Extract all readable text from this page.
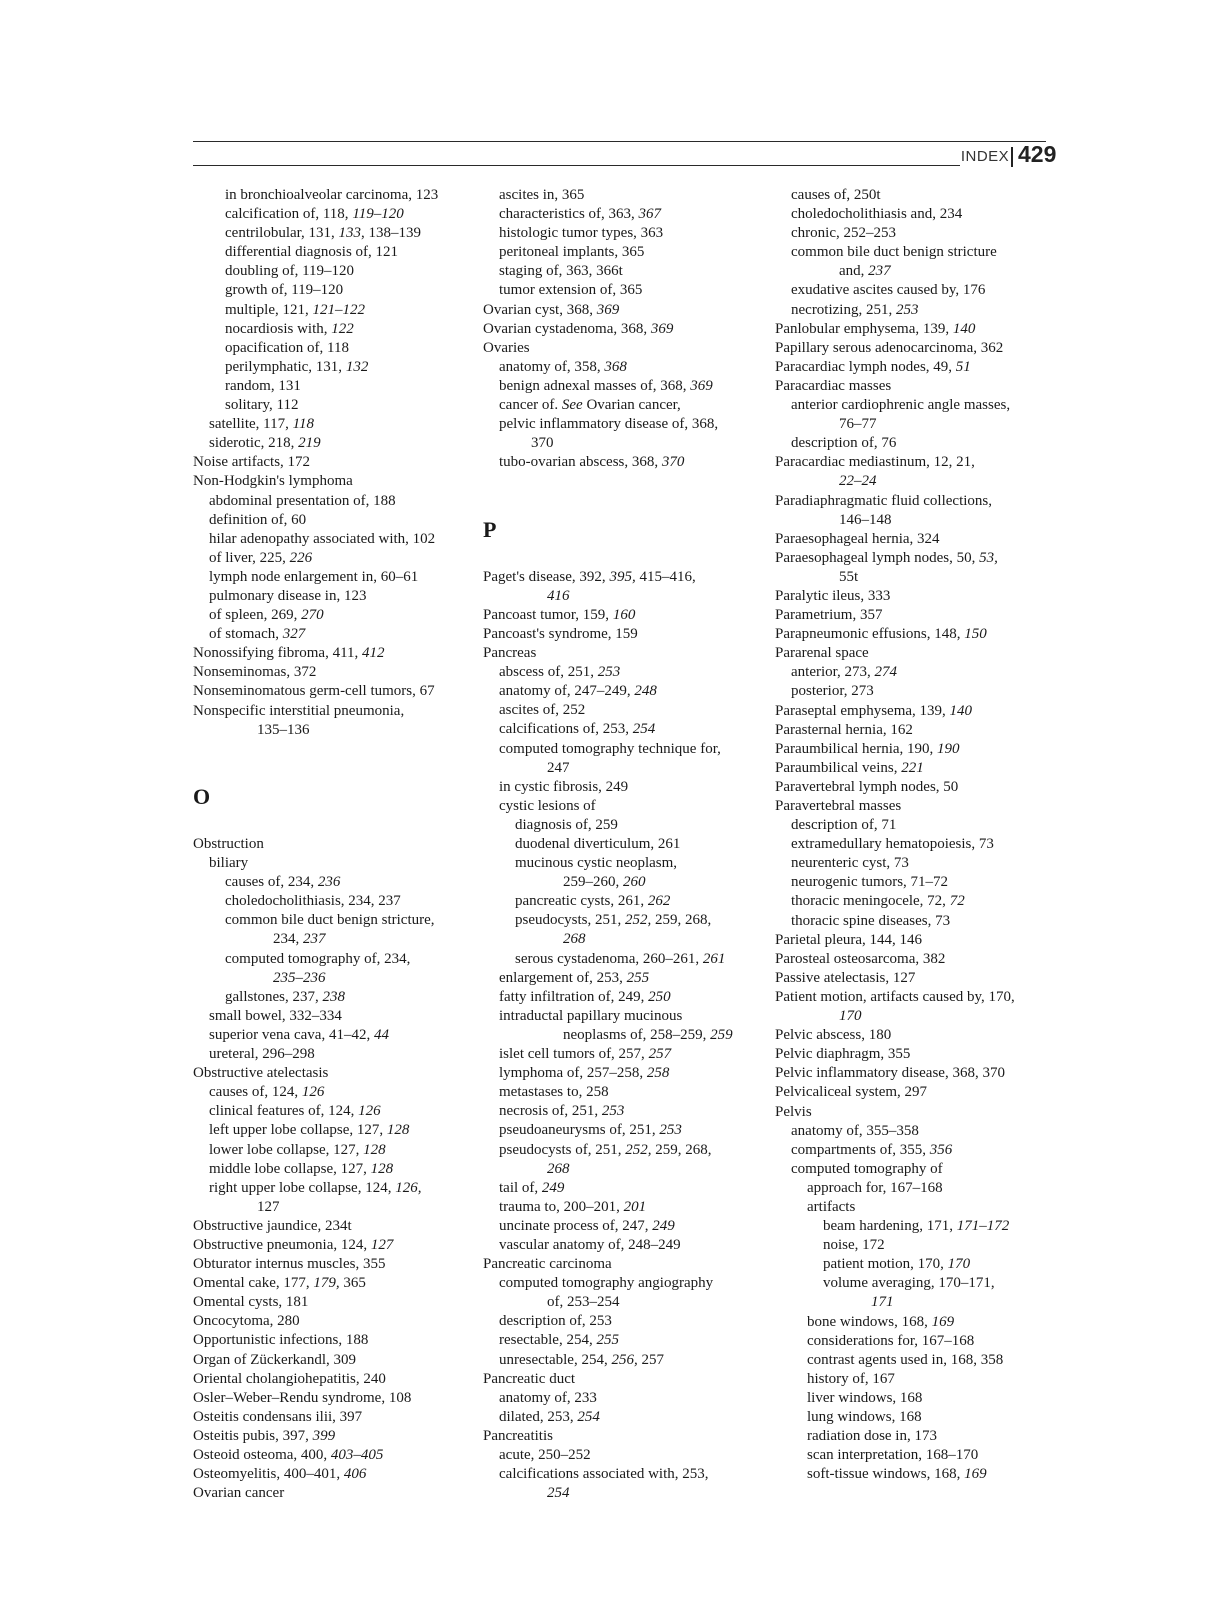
INDEX 429
in bronchioalveolar carcinoma, 123
calcification of, 118, 119–120
centrilobular, 131, 133, 138–139
differential diagnosis of, 121
doubling of, 119–120
growth of, 119–120
multiple, 121, 121–122
nocardiosis with, 122
opacification of, 118
perilymphatic, 131, 132
random, 131
solitary, 112
satellite, 117, 118
siderotic, 218, 219
Noise artifacts, 172
Non-Hodgkin's lymphoma
abdominal presentation of, 188
definition of, 60
hilar adenopathy associated with, 102
of liver, 225, 226
lymph node enlargement in, 60–61
pulmonary disease in, 123
of spleen, 269, 270
of stomach, 327
Nonossifying fibroma, 411, 412
Nonseminomas, 372
Nonseminomatous germ-cell tumors, 67
Nonspecific interstitial pneumonia,
135–136
O
Obstruction
biliary
causes of, 234, 236
choledocholithiasis, 234, 237
common bile duct benign stricture,
234, 237
computed tomography of, 234,
235–236
gallstones, 237, 238
small bowel, 332–334
superior vena cava, 41–42, 44
ureteral, 296–298
Obstructive atelectasis
causes of, 124, 126
clinical features of, 124, 126
left upper lobe collapse, 127, 128
lower lobe collapse, 127, 128
middle lobe collapse, 127, 128
right upper lobe collapse, 124, 126,
127
Obstructive jaundice, 234t
Obstructive pneumonia, 124, 127
Obturator internus muscles, 355
Omental cake, 177, 179, 365
Omental cysts, 181
Oncocytoma, 280
Opportunistic infections, 188
Organ of Zückerkandl, 309
Oriental cholangiohepatitis, 240
Osler–Weber–Rendu syndrome, 108
Osteitis condensans ilii, 397
Osteitis pubis, 397, 399
Osteoid osteoma, 400, 403–405
Osteomyelitis, 400–401, 406
Ovarian cancer
ascites in, 365
characteristics of, 363, 367
histologic tumor types, 363
peritoneal implants, 365
staging of, 363, 366t
tumor extension of, 365
Ovarian cyst, 368, 369
Ovarian cystadenoma, 368, 369
Ovaries
anatomy of, 358, 368
benign adnexal masses of, 368, 369
cancer of. See Ovarian cancer,
pelvic inflammatory disease of, 368,
370
tubo-ovarian abscess, 368, 370
P
Paget's disease, 392, 395, 415–416,
416
Pancoast tumor, 159, 160
Pancoast's syndrome, 159
Pancreas
abscess of, 251, 253
anatomy of, 247–249, 248
ascites of, 252
calcifications of, 253, 254
computed tomography technique for,
247
in cystic fibrosis, 249
cystic lesions of
diagnosis of, 259
duodenal diverticulum, 261
mucinous cystic neoplasm,
259–260, 260
pancreatic cysts, 261, 262
pseudocysts, 251, 252, 259, 268,
268
serous cystadenoma, 260–261, 261
enlargement of, 253, 255
fatty infiltration of, 249, 250
intraductal papillary mucinous
neoplasms of, 258–259, 259
islet cell tumors of, 257, 257
lymphoma of, 257–258, 258
metastases to, 258
necrosis of, 251, 253
pseudoaneurysms of, 251, 253
pseudocysts of, 251, 252, 259, 268,
268
tail of, 249
trauma to, 200–201, 201
uncinate process of, 247, 249
vascular anatomy of, 248–249
Pancreatic carcinoma
computed tomography angiography
of, 253–254
description of, 253
resectable, 254, 255
unresectable, 254, 256, 257
Pancreatic duct
anatomy of, 233
dilated, 253, 254
Pancreatitis
acute, 250–252
calcifications associated with, 253,
254
causes of, 250t
choledocholithiasis and, 234
chronic, 252–253
common bile duct benign stricture
and, 237
exudative ascites caused by, 176
necrotizing, 251, 253
Panlobular emphysema, 139, 140
Papillary serous adenocarcinoma, 362
Paracardiac lymph nodes, 49, 51
Paracardiac masses
anterior cardiophrenic angle masses,
76–77
description of, 76
Paracardiac mediastinum, 12, 21,
22–24
Paradiaphragmatic fluid collections,
146–148
Paraesophageal hernia, 324
Paraesophageal lymph nodes, 50, 53,
55t
Paralytic ileus, 333
Parametrium, 357
Parapneumonic effusions, 148, 150
Pararenal space
anterior, 273, 274
posterior, 273
Paraseptal emphysema, 139, 140
Parasternal hernia, 162
Paraumbilical hernia, 190, 190
Paraumbilical veins, 221
Paravertebral lymph nodes, 50
Paravertebral masses
description of, 71
extramedullary hematopoiesis, 73
neurenteric cyst, 73
neurogenic tumors, 71–72
thoracic meningocele, 72, 72
thoracic spine diseases, 73
Parietal pleura, 144, 146
Parosteal osteosarcoma, 382
Passive atelectasis, 127
Patient motion, artifacts caused by, 170,
170
Pelvic abscess, 180
Pelvic diaphragm, 355
Pelvic inflammatory disease, 368, 370
Pelvicaliceal system, 297
Pelvis
anatomy of, 355–358
compartments of, 355, 356
computed tomography of
approach for, 167–168
artifacts
beam hardening, 171, 171–172
noise, 172
patient motion, 170, 170
volume averaging, 170–171,
171
bone windows, 168, 169
considerations for, 167–168
contrast agents used in, 168, 358
history of, 167
liver windows, 168
lung windows, 168
radiation dose in, 173
scan interpretation, 168–170
soft-tissue windows, 168, 169
